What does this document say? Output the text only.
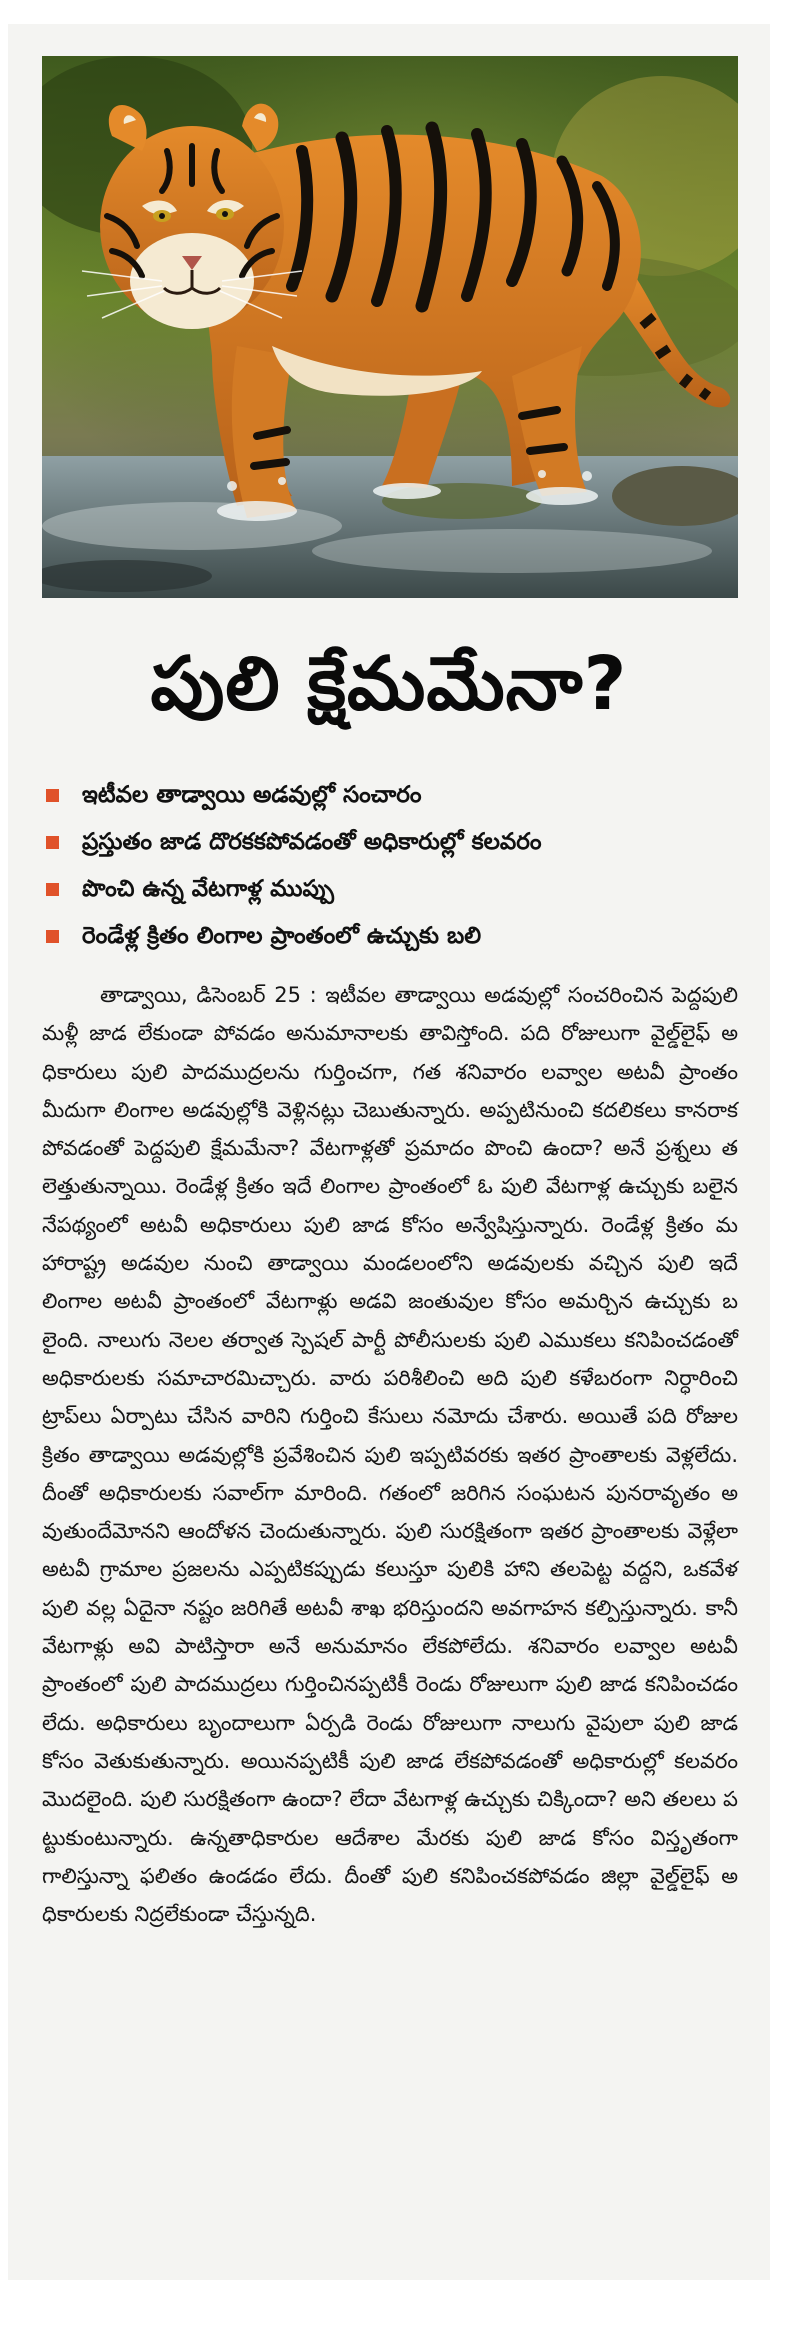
పులి క్షేమమేనా?
ఇటీవల తాడ్వాయి అడవుల్లో సంచారం
ప్రస్తుతం జాడ దొరకకపోవడంతో అధికారుల్లో కలవరం
పొంచి ఉన్న వేటగాళ్ల ముప్పు
రెండేళ్ల క్రితం లింగాల ప్రాంతంలో ఉచ్చుకు బలి

తాడ్వాయి, డిసెంబర్ 25 : ఇటీవల తాడ్వాయి అడవుల్లో సంచరించిన పెద్దపులి మళ్లీ జాడ లేకుండా పోవడం అనుమానాలకు తావిస్తోంది. పది రోజులుగా వైల్డ్‌లైఫ్ అధికారులు పులి పాదముద్రలను గుర్తించగా, గత శనివారం లవ్వాల అటవీ ప్రాంతం మీదుగా లింగాల అడవుల్లోకి వెళ్లినట్లు చెబుతున్నారు. అప్పటినుంచి కదలికలు కానరాకపోవడంతో పెద్దపులి క్షేమమేనా? వేటగాళ్లతో ప్రమాదం పొంచి ఉందా? అనే ప్రశ్నలు తలెత్తుతున్నాయి. రెండేళ్ల క్రితం ఇదే లింగాల ప్రాంతంలో ఓ పులి వేటగాళ్ల ఉచ్చుకు బలైన నేపథ్యంలో అటవీ అధికారులు పులి జాడ కోసం అన్వేషిస్తున్నారు. రెండేళ్ల క్రితం మహారాష్ట్ర అడవుల నుంచి తాడ్వాయి మండలంలోని అడవులకు వచ్చిన పులి ఇదే లింగాల అటవీ ప్రాంతంలో వేటగాళ్లు అడవి జంతువుల కోసం అమర్చిన ఉచ్చుకు బలైంది. నాలుగు నెలల తర్వాత స్పెషల్ పార్టీ పోలీసులకు పులి ఎముకలు కనిపించడంతో అధికారులకు సమాచారమిచ్చారు. వారు పరిశీలించి అది పులి కళేబరంగా నిర్ధారించి ట్రాప్‌లు ఏర్పాటు చేసిన వారిని గుర్తించి కేసులు నమోదు చేశారు. అయితే పది రోజుల క్రితం తాడ్వాయి అడవుల్లోకి ప్రవేశించిన పులి ఇప్పటివరకు ఇతర ప్రాంతాలకు వెళ్లలేదు. దీంతో అధికారులకు సవాల్‌గా మారింది. గతంలో జరిగిన సంఘటన పునరావృతం అవుతుందేమోనని ఆందోళన చెందుతున్నారు. పులి సురక్షితంగా ఇతర ప్రాంతాలకు వెళ్లేలా అటవీ గ్రామాల ప్రజలను ఎప్పటికప్పుడు కలుస్తూ పులికి హాని తలపెట్ట వద్దని, ఒకవేళ పులి వల్ల ఏదైనా నష్టం జరిగితే అటవీ శాఖ భరిస్తుందని అవగాహన కల్పిస్తున్నారు. కానీ వేటగాళ్లు అవి పాటిస్తారా అనే అనుమానం లేకపోలేదు. శనివారం లవ్వాల అటవీ ప్రాంతంలో పులి పాదముద్రలు గుర్తించినప్పటికీ రెండు రోజులుగా పులి జాడ కనిపించడం లేదు. అధికారులు బృందాలుగా ఏర్పడి రెండు రోజులుగా నాలుగు వైపులా పులి జాడ కోసం వెతుకుతున్నారు. అయినప్పటికీ పులి జాడ లేకపోవడంతో అధికారుల్లో కలవరం మొదలైంది. పులి సురక్షితంగా ఉందా? లేదా వేటగాళ్ల ఉచ్చుకు చిక్కిందా? అని తలలు పట్టుకుంటున్నారు. ఉన్నతాధికారుల ఆదేశాల మేరకు పులి జాడ కోసం విస్తృతంగా గాలిస్తున్నా ఫలితం ఉండడం లేదు. దీంతో పులి కనిపించకపోవడం జిల్లా వైల్డ్‌లైఫ్ అధికారులకు నిద్రలేకుండా చేస్తున్నది.
